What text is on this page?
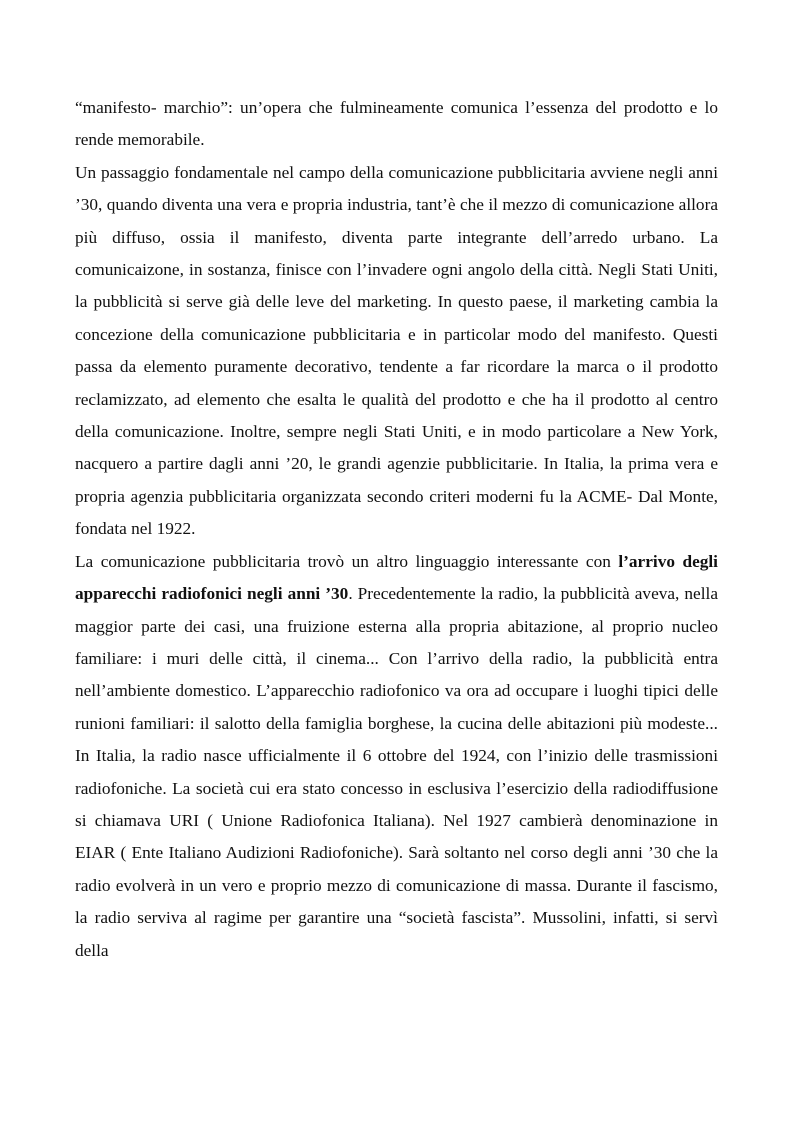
“manifesto- marchio”: un’opera che fulmineamente comunica l’essenza del prodotto e lo rende memorabile.

Un passaggio fondamentale nel campo della comunicazione pubblicitaria avviene negli anni ’30, quando diventa una vera e propria industria, tant’è che il mezzo di comunicazione allora più diffuso, ossia il manifesto, diventa parte integrante dell’arredo urbano. La comunicaizone, in sostanza, finisce con l’invadere ogni angolo della città. Negli Stati Uniti, la pubblicità si serve già delle leve del marketing. In questo paese, il marketing cambia la concezione della comunicazione pubblicitaria e in particolar modo del manifesto. Questi passa da elemento puramente decorativo, tendente a far ricordare la marca o il prodotto reclamizzato, ad elemento che esalta le qualità del prodotto e che ha il prodotto al centro della comunicazione. Inoltre, sempre negli Stati Uniti, e in modo particolare a New York, nacquero a partire dagli anni ’20, le grandi agenzie pubblicitarie. In Italia, la prima vera e propria agenzia pubblicitaria organizzata secondo criteri moderni fu la ACME- Dal Monte, fondata nel 1922.

La comunicazione pubblicitaria trovò un altro linguaggio interessante con l’arrivo degli apparecchi radiofonici negli anni ’30. Precedentemente la radio, la pubblicità aveva, nella maggior parte dei casi, una fruizione esterna alla propria abitazione, al proprio nucleo familiare: i muri delle città, il cinema... Con l’arrivo della radio, la pubblicità entra nell’ambiente domestico. L’apparecchio radiofonico va ora ad occupare i luoghi tipici delle runioni familiari: il salotto della famiglia borghese, la cucina delle abitazioni più modeste... In Italia, la radio nasce ufficialmente il 6 ottobre del 1924, con l’inizio delle trasmissioni radiofoniche. La società cui era stato concesso in esclusiva l’esercizio della radiodiffusione si chiamava URI ( Unione Radiofonica Italiana). Nel 1927 cambierà denominazione in EIAR ( Ente Italiano Audizioni Radiofoniche). Sarà soltanto nel corso degli anni ’30 che la radio evolverà in un vero e proprio mezzo di comunicazione di massa. Durante il fascismo, la radio serviva al ragime per garantire una “società fascista”. Mussolini, infatti, si servì della
